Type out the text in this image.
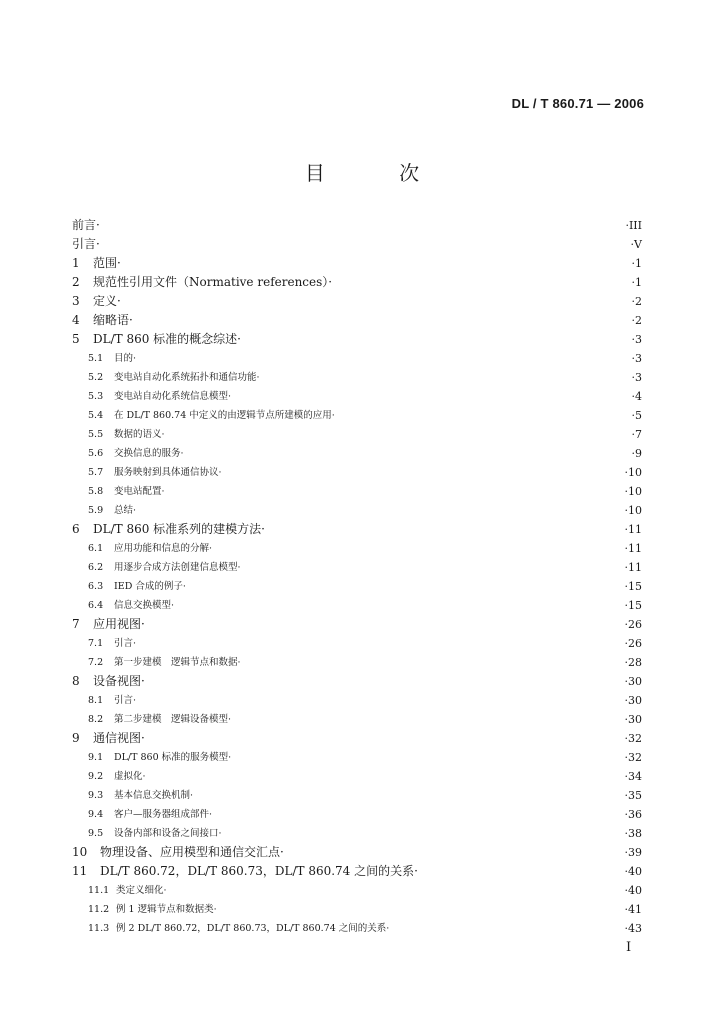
DL / T 860.71 — 2006
目 次
前言·	·III
引言·	·V
1 范围·	·1
2 规范性引用文件（Normative references）·	·1
3 定义·	·2
4 缩略语·	·2
5 DL/T 860 标准的概念综述·	·3
5.1 目的·	·3
5.2 变电站自动化系统拓扑和通信功能·	·3
5.3 变电站自动化系统信息模型·	·4
5.4 在 DL/T 860.74 中定义的由逻辑节点所建模的应用·	·5
5.5 数据的语义·	·7
5.6 交换信息的服务·	·9
5.7 服务映射到具体通信协议·	·10
5.8 变电站配置·	·10
5.9 总结·	·10
6 DL/T 860 标准系列的建模方法·	·11
6.1 应用功能和信息的分解·	·11
6.2 用逐步合成方法创建信息模型·	·11
6.3 IED 合成的例子·	·15
6.4 信息交换模型·	·15
7 应用视图·	·26
7.1 引言·	·26
7.2 第一步建模　逻辑节点和数据·	·28
8 设备视图·	·30
8.1 引言·	·30
8.2 第二步建模　逻辑设备模型·	·30
9 通信视图·	·32
9.1 DL/T 860 标准的服务模型·	·32
9.2 虚拟化·	·34
9.3 基本信息交换机制·	·35
9.4 客户—服务器组成部件·	·36
9.5 设备内部和设备之间接口·	·38
10 物理设备、应用模型和通信交汇点·	·39
11 DL/T 860.72，DL/T 860.73，DL/T 860.74 之间的关系·	·40
11.1 类定义细化·	·40
11.2 例 1 逻辑节点和数据类·	·41
11.3 例 2 DL/T 860.72，DL/T 860.73，DL/T 860.74 之间的关系·	·43
I
